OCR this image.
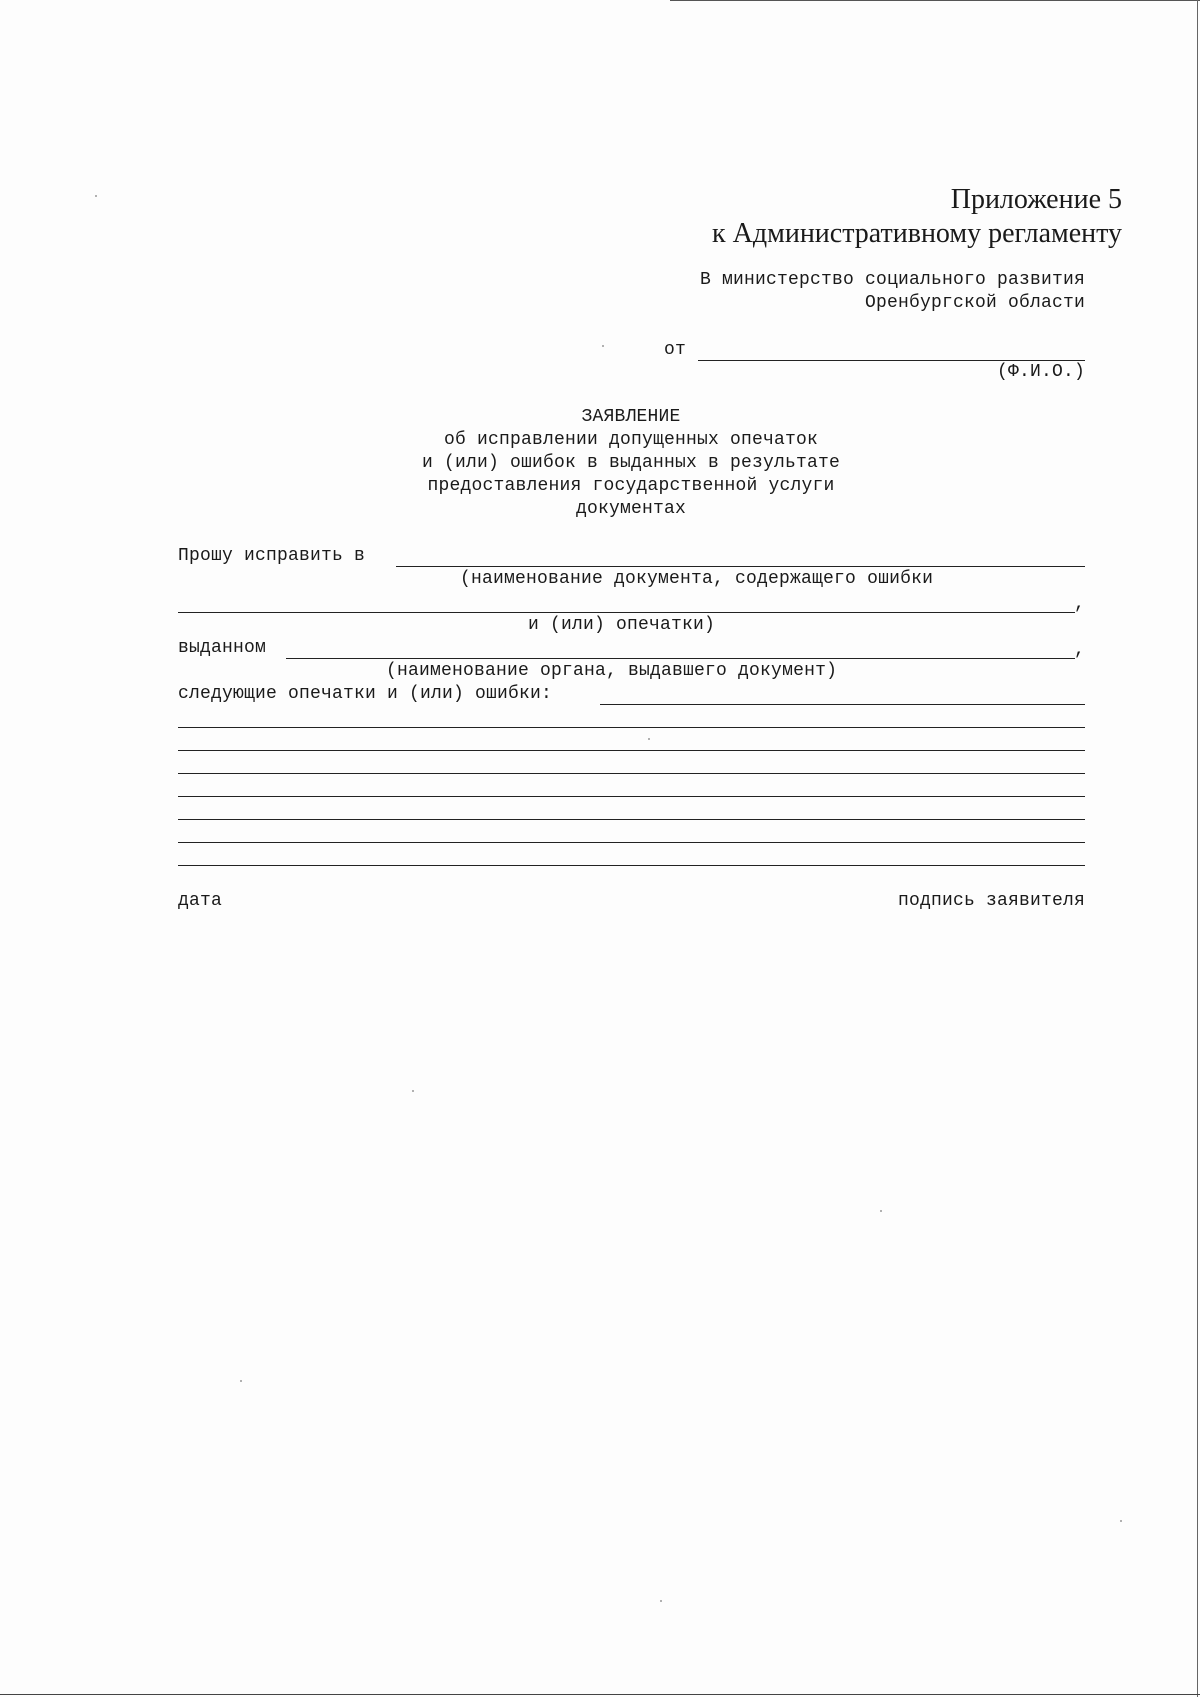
Приложение 5
к Административному регламенту
В министерство социального развития
Оренбургской области
от
(Ф.И.О.)
ЗАЯВЛЕНИЕ
об исправлении допущенных опечаток
и (или) ошибок в выданных в результате
предоставления государственной услуги
документах
Прошу исправить в
(наименование документа, содержащего ошибки
,
и (или) опечатки)
выданном	,
(наименование органа, выдавшего документ)
следующие опечатки и (или) ошибки:
дата	подпись заявителя
